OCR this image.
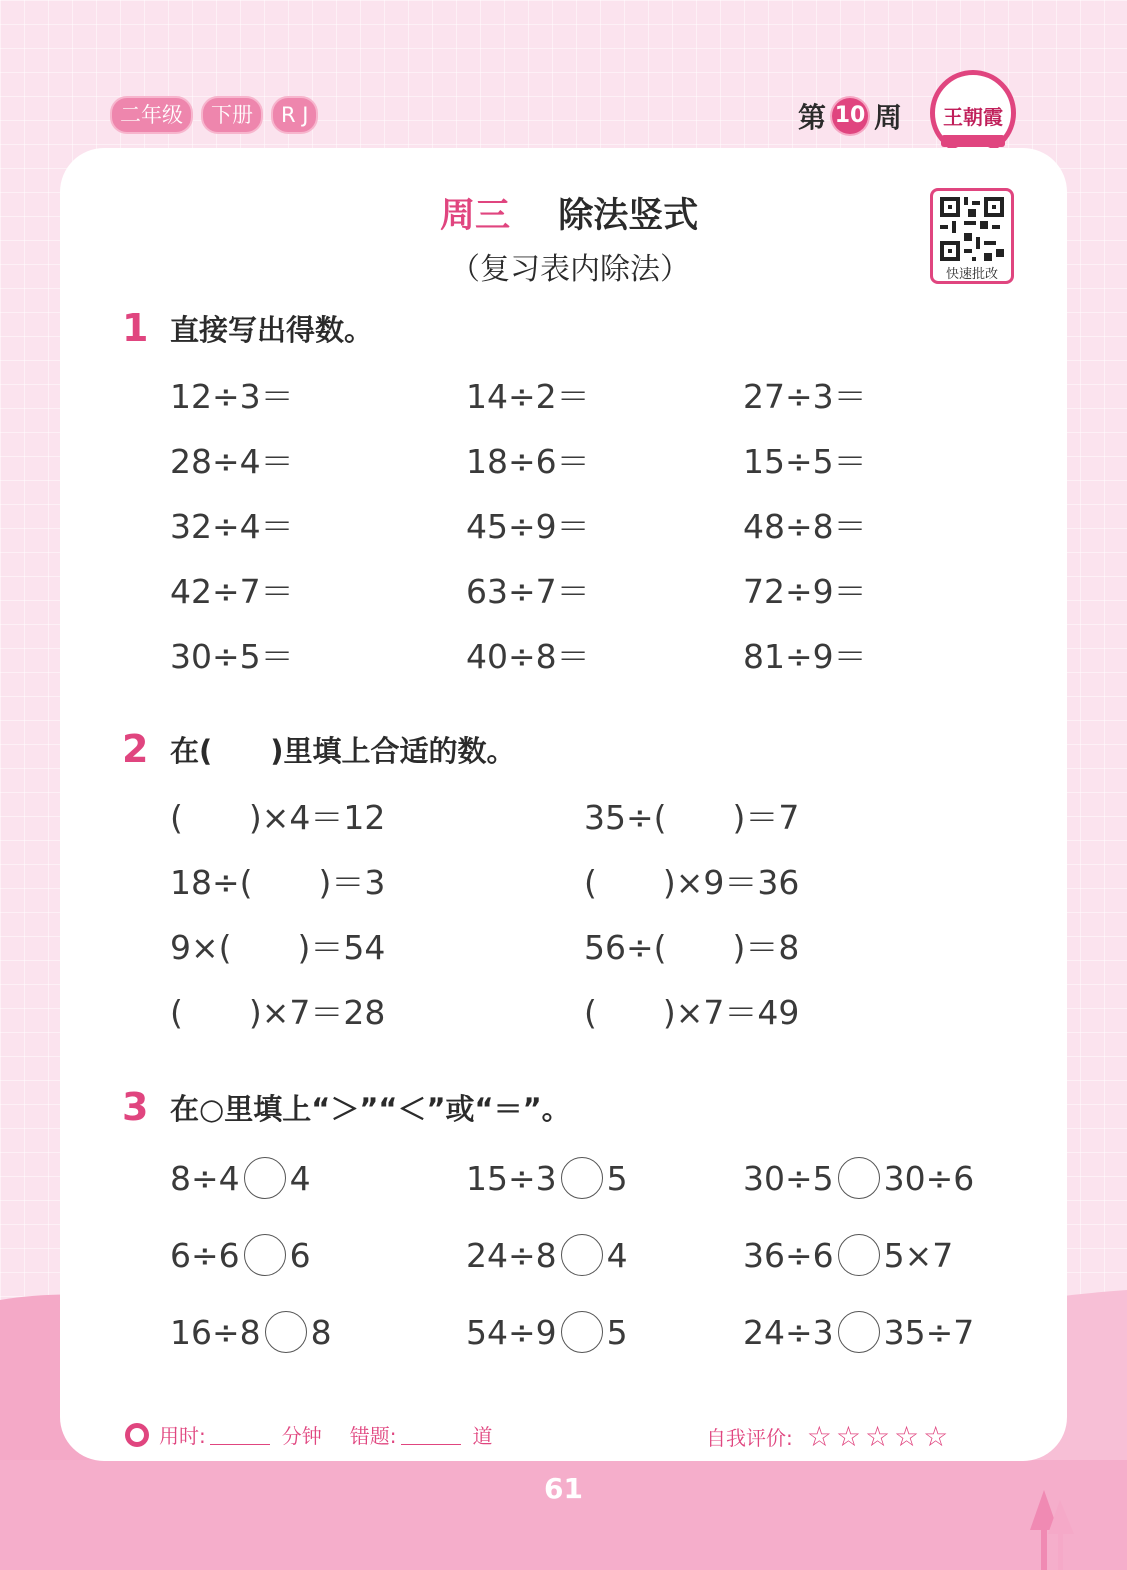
二年级	下册	R J	第 10 周	王朝霞
周三 除法竖式
（复习表内除法）	快速批改
1 直接写出得数。
12÷3＝	14÷2＝	27÷3＝
28÷4＝	18÷6＝	15÷5＝
32÷4＝	45÷9＝	48÷8＝
42÷7＝	63÷7＝	72÷9＝
30÷5＝	40÷8＝	81÷9＝
2 在(　　)里填上合适的数。
(　　)×4＝12	35÷(　　)＝7
18÷(　　)＝3	(　　)×9＝36
9×(　　)＝54	56÷(　　)＝8
(　　)×7＝28	(　　)×7＝49
3 在○里填上“＞”“＜”或“＝”。
8÷4 4	15÷3 5	30÷5 30÷6
6÷6 6	24÷8 4	36÷6 5×7
16÷8 8	54÷9 5	24÷3 35÷7
用时:	分钟 错题:	道	自我评价: ☆☆☆☆☆
61
